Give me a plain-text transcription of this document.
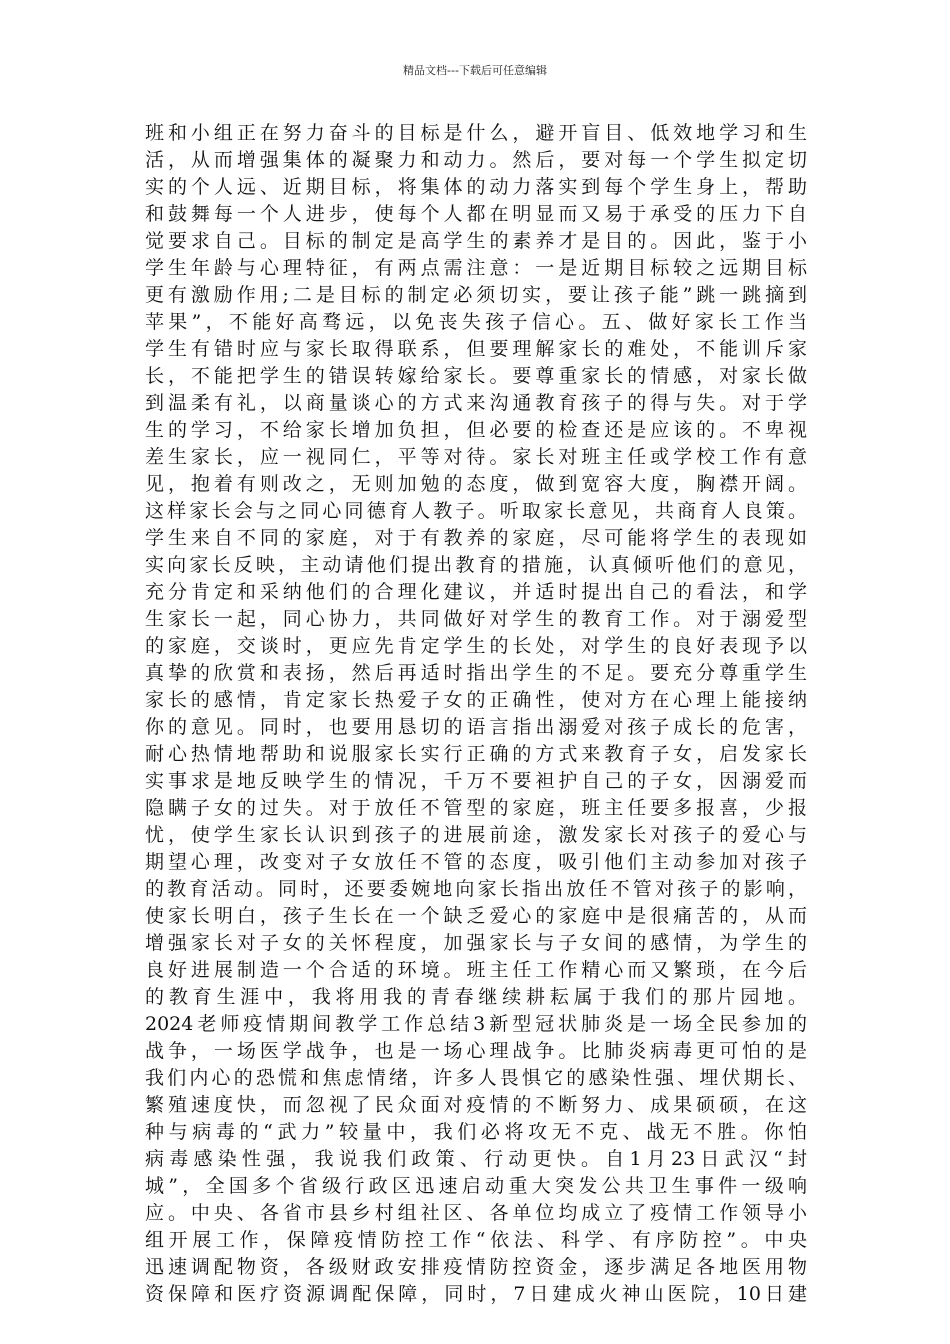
精品文档---下载后可任意编辑
班和小组正在努力奋斗的目标是什么，避开盲目、低效地学习和生
活，从而增强集体的凝聚力和动力。然后，要对每一个学生拟定切
实的个人远、近期目标，将集体的动力落实到每个学生身上，帮助
和鼓舞每一个人进步，使每个人都在明显而又易于承受的压力下自
觉要求自己。目标的制定是高学生的素养才是目的。因此，鉴于小
学生年龄与心理特征，有两点需注意：一是近期目标较之远期目标
更有激励作用;二是目标的制定必须切实，要让孩子能”跳一跳摘到
苹果”，不能好高骛远，以免丧失孩子信心。五、做好家长工作当
学生有错时应与家长取得联系，但要理解家长的难处，不能训斥家
长，不能把学生的错误转嫁给家长。要尊重家长的情感，对家长做
到温柔有礼，以商量谈心的方式来沟通教育孩子的得与失。对于学
生的学习，不给家长增加负担，但必要的检查还是应该的。不卑视
差生家长，应一视同仁，平等对待。家长对班主任或学校工作有意
见，抱着有则改之，无则加勉的态度，做到宽容大度，胸襟开阔。
这样家长会与之同心同德育人教子。听取家长意见，共商育人良策。
学生来自不同的家庭，对于有教养的家庭，尽可能将学生的表现如
实向家长反映，主动请他们提出教育的措施，认真倾听他们的意见，
充分肯定和采纳他们的合理化建议，并适时提出自己的看法，和学
生家长一起，同心协力，共同做好对学生的教育工作。对于溺爱型
的家庭，交谈时，更应先肯定学生的长处，对学生的良好表现予以
真挚的欣赏和表扬，然后再适时指出学生的不足。要充分尊重学生
家长的感情，肯定家长热爱子女的正确性，使对方在心理上能接纳
你的意见。同时，也要用恳切的语言指出溺爱对孩子成长的危害，
耐心热情地帮助和说服家长实行正确的方式来教育子女，启发家长
实事求是地反映学生的情况，千万不要袒护自己的子女，因溺爱而
隐瞒子女的过失。对于放任不管型的家庭，班主任要多报喜，少报
忧，使学生家长认识到孩子的进展前途，激发家长对孩子的爱心与
期望心理，改变对子女放任不管的态度，吸引他们主动参加对孩子
的教育活动。同时，还要委婉地向家长指出放任不管对孩子的影响，
使家长明白，孩子生长在一个缺乏爱心的家庭中是很痛苦的，从而
增强家长对子女的关怀程度，加强家长与子女间的感情，为学生的
良好进展制造一个合适的环境。班主任工作精心而又繁琐，在今后
的教育生涯中，我将用我的青春继续耕耘属于我们的那片园地。
2024老师疫情期间教学工作总结3新型冠状肺炎是一场全民参加的
战争，一场医学战争，也是一场心理战争。比肺炎病毒更可怕的是
我们内心的恐慌和焦虑情绪，许多人畏惧它的感染性强、埋伏期长、
繁殖速度快，而忽视了民众面对疫情的不断努力、成果硕硕，在这
种与病毒的“武力”较量中，我们必将攻无不克、战无不胜。你怕
病毒感染性强，我说我们政策、行动更快。自1月23日武汉“封
城”，全国多个省级行政区迅速启动重大突发公共卫生事件一级响
应。中央、各省市县乡村组社区、各单位均成立了疫情工作领导小
组开展工作，保障疫情防控工作“依法、科学、有序防控”。中央
迅速调配物资，各级财政安排疫情防控资金，逐步满足各地医用物
资保障和医疗资源调配保障，同时，7日建成火神山医院，10日建
